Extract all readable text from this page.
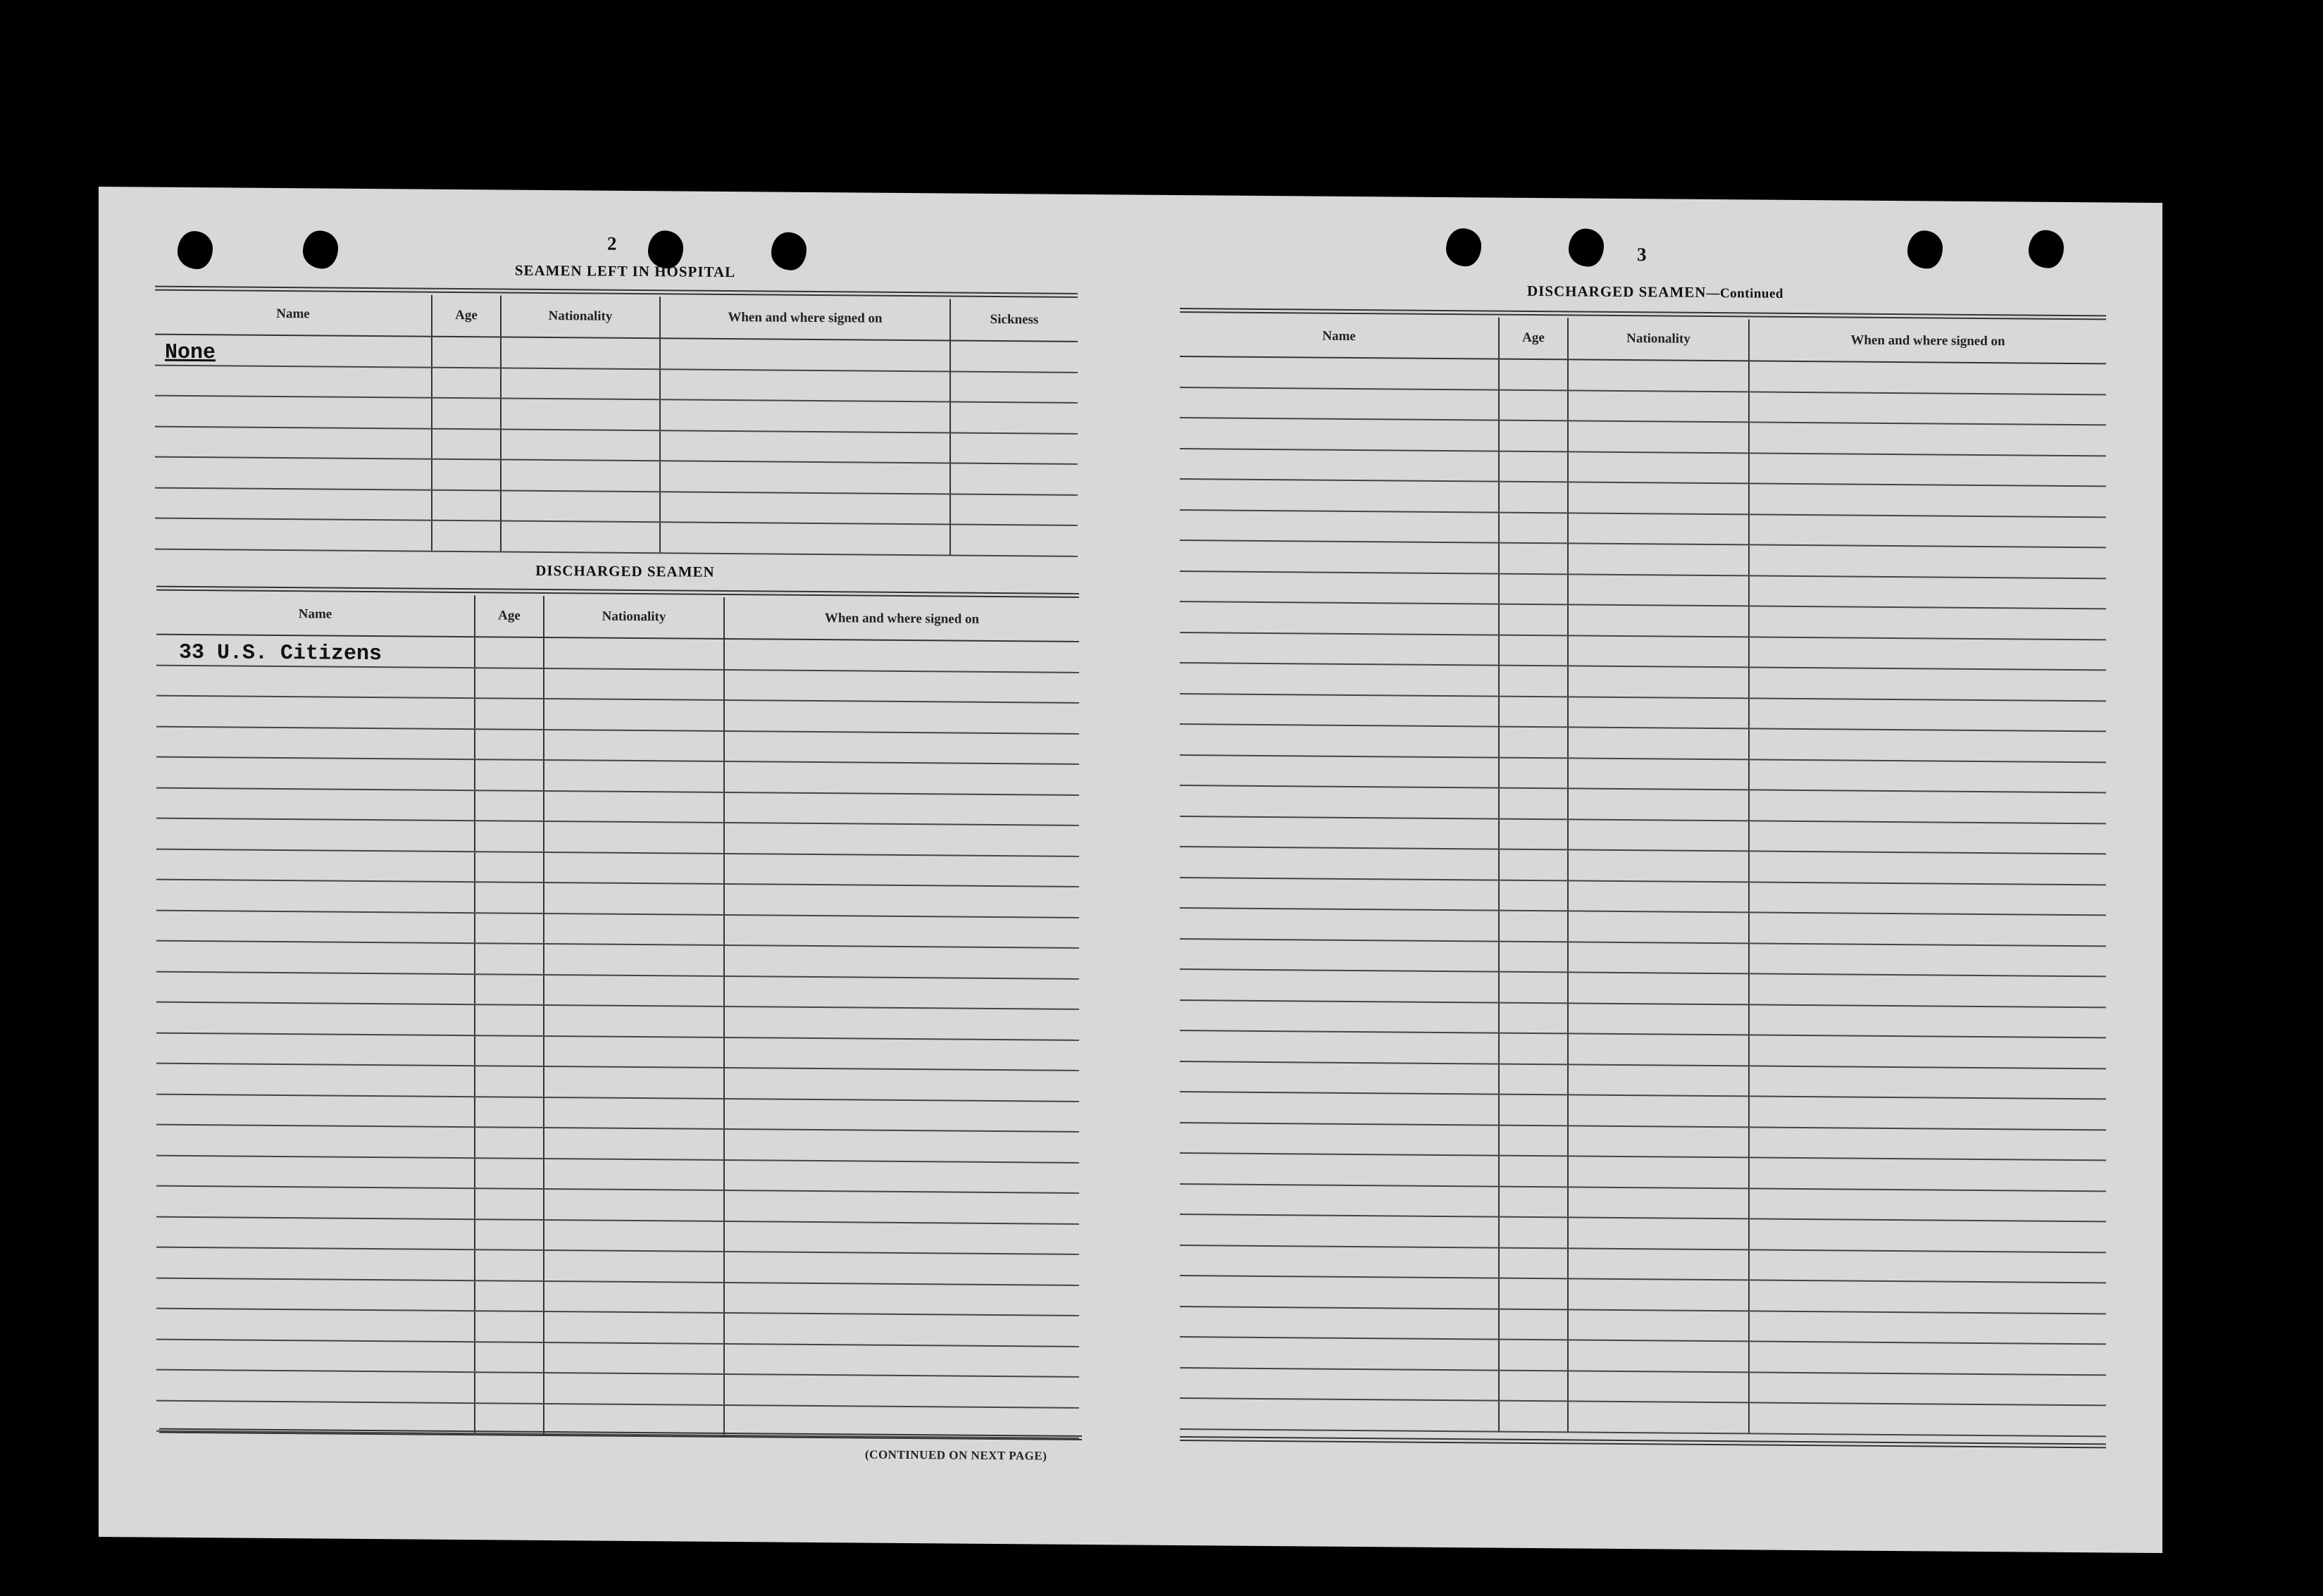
2
SEAMEN LEFT IN HOSPITAL
Name	Age	Nationality	When and where signed on	Sickness
None				

DISCHARGED SEAMEN
Name	Age	Nationality	When and where signed on
33 U.S. Citizens			

(CONTINUED ON NEXT PAGE)
3
DISCHARGED SEAMEN—Continued
Name	Age	Nationality	When and where signed on
